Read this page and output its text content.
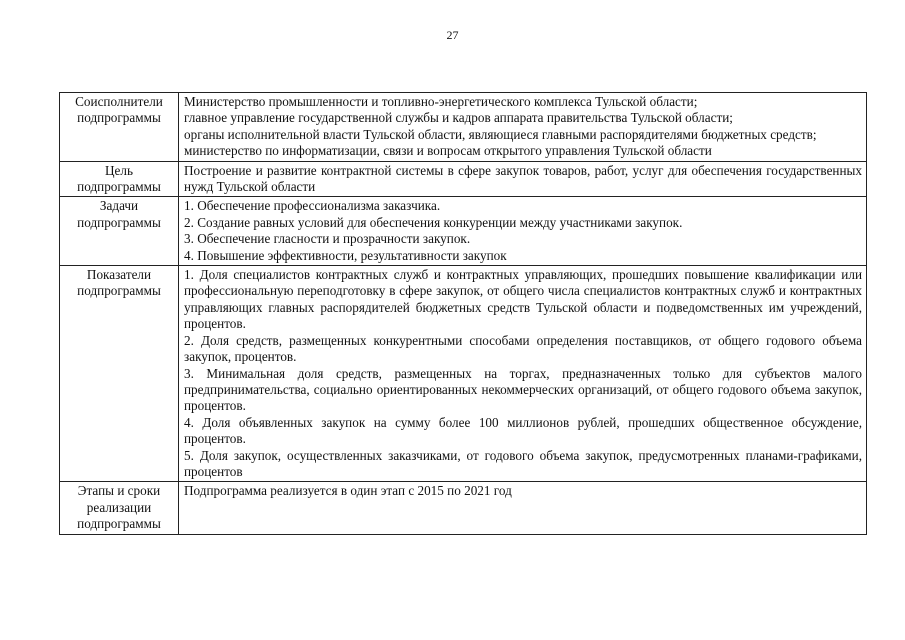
27
Соисполнители подпрограммы	Министерство промышленности и топливно-энергетического комплекса Тульской области;
главное управление государственной службы и кадров аппарата правительства Тульской области;
органы исполнительной власти Тульской области, являющиеся главными распорядителями бюджетных средств;
министерство по информатизации, связи и вопросам открытого управления Тульской области

Цель подпрограммы	Построение и развитие контрактной системы в сфере закупок товаров, работ, услуг для обеспечения государственных нужд Тульской области

Задачи подпрограммы	1. Обеспечение профессионализма заказчика.
2. Создание равных условий для обеспечения конкуренции между участниками закупок.
3. Обеспечение гласности и прозрачности закупок.
4. Повышение эффективности, результативности закупок

Показатели подпрограммы	1. Доля специалистов контрактных служб и контрактных управляющих, прошедших повышение квалификации или профессиональную переподготовку в сфере закупок, от общего числа специалистов контрактных служб и контрактных управляющих главных распорядителей бюджетных средств Тульской области и подведомственных им учреждений, процентов.
2. Доля средств, размещенных конкурентными способами определения поставщиков, от общего годового объема закупок, процентов.
3. Минимальная доля средств, размещенных на торгах, предназначенных только для субъектов малого предпринимательства, социально ориентированных некоммерческих организаций, от общего годового объема закупок, процентов.
4. Доля объявленных закупок на сумму более 100 миллионов рублей, прошедших общественное обсуждение, процентов.
5. Доля закупок, осуществленных заказчиками, от годового объема закупок, предусмотренных планами-графиками, процентов

Этапы и сроки реализации подпрограммы	Подпрограмма реализуется в один этап с 2015 по 2021 год
